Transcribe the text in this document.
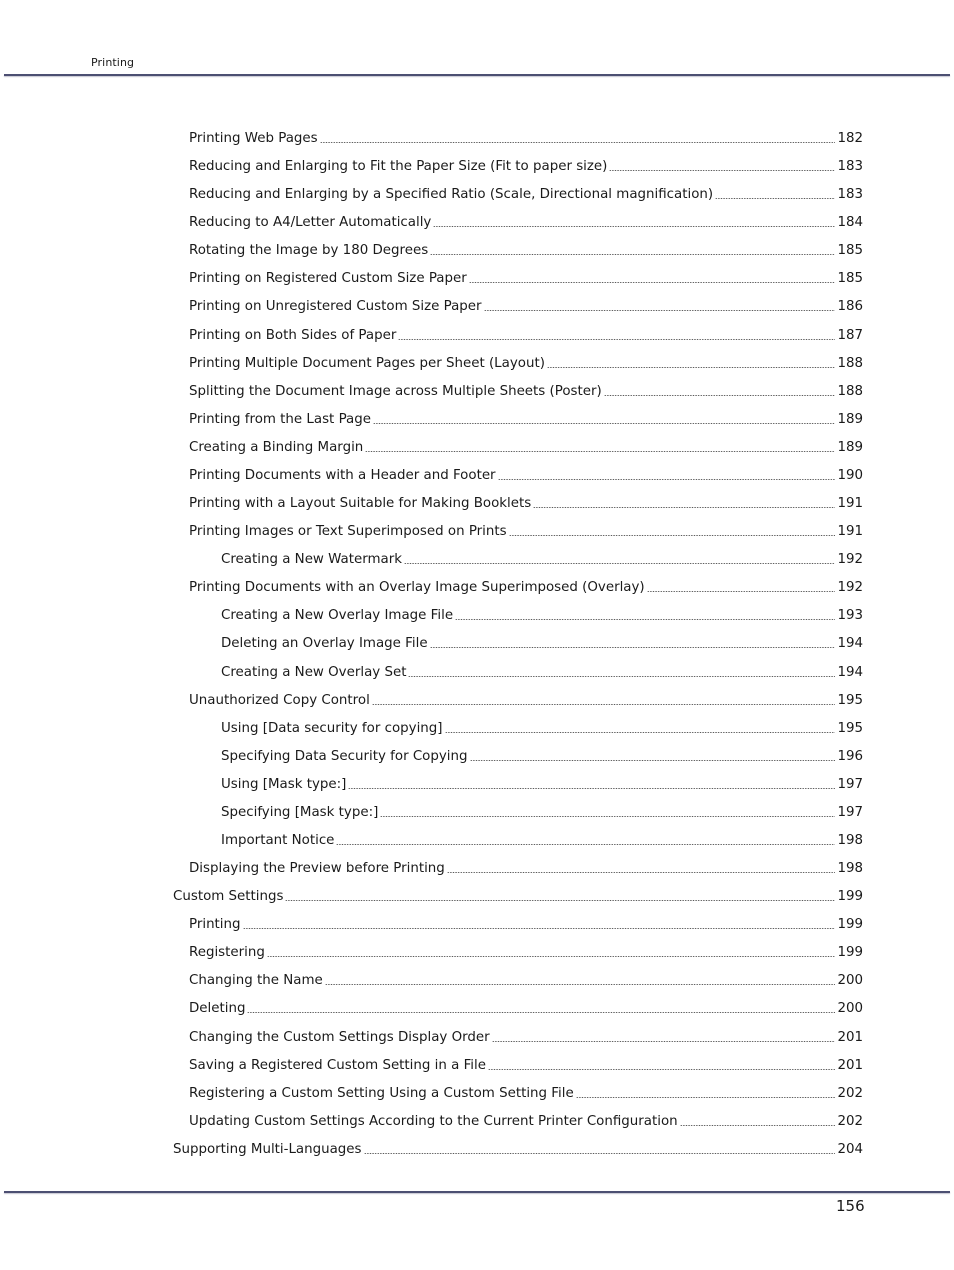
Printing
Printing Web Pages	182
Reducing and Enlarging to Fit the Paper Size (Fit to paper size)	183
Reducing and Enlarging by a Specified Ratio (Scale, Directional magnification)	183
Reducing to A4/Letter Automatically	184
Rotating the Image by 180 Degrees	185
Printing on Registered Custom Size Paper	185
Printing on Unregistered Custom Size Paper	186
Printing on Both Sides of Paper	187
Printing Multiple Document Pages per Sheet (Layout)	188
Splitting the Document Image across Multiple Sheets (Poster)	188
Printing from the Last Page	189
Creating a Binding Margin	189
Printing Documents with a Header and Footer	190
Printing with a Layout Suitable for Making Booklets	191
Printing Images or Text Superimposed on Prints	191
Creating a New Watermark	192
Printing Documents with an Overlay Image Superimposed (Overlay)	192
Creating a New Overlay Image File	193
Deleting an Overlay Image File	194
Creating a New Overlay Set	194
Unauthorized Copy Control	195
Using [Data security for copying]	195
Specifying Data Security for Copying	196
Using [Mask type:]	197
Specifying [Mask type:]	197
Important Notice	198
Displaying the Preview before Printing	198
Custom Settings	199
Printing	199
Registering	199
Changing the Name	200
Deleting	200
Changing the Custom Settings Display Order	201
Saving a Registered Custom Setting in a File	201
Registering a Custom Setting Using a Custom Setting File	202
Updating Custom Settings According to the Current Printer Configuration	202
Supporting Multi-Languages	204
156
